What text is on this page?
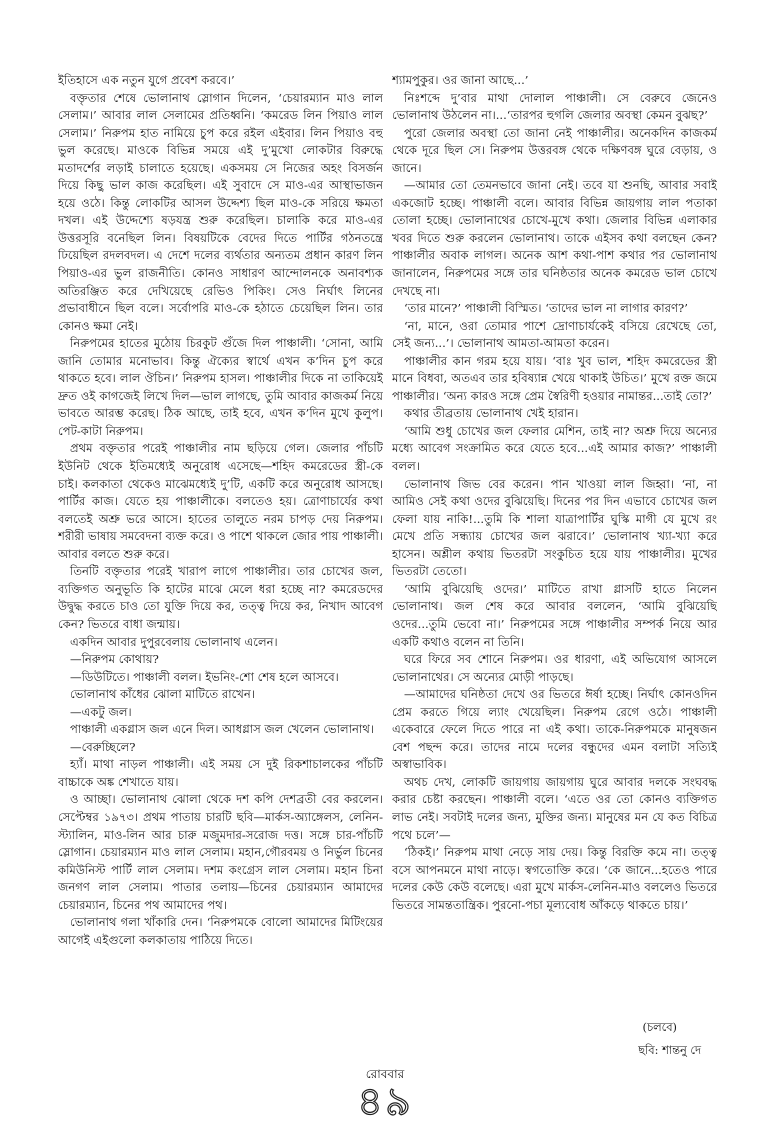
ইতিহাসে এক নতুন যুগে প্রবেশ করবে।’

বক্তৃতার শেষে ভোলানাথ স্লোগান দিলেন, ‘চেয়ারম্যান মাও লাল সেলাম।’ আবার লাল সেলামের প্রতিধ্বনি। ‘কমরেড লিন পিয়াও লাল সেলাম।’ নিরুপম হাত নামিয়ে চুপ করে রইল এইবার। লিন পিয়াও বহু ভুল করেছে। মাওকে বিভিন্ন সময়ে এই দু’মুখো লোকটার বিরুদ্ধে মতাদর্শের লড়াই চালাতে হয়েছে। একসময় সে নিজের অহং বিসর্জন দিয়ে কিছু ভাল কাজ করেছিল। এই সুবাদে সে মাও-এর আস্থাভাজন হয়ে ওঠে। কিন্তু লোকটির আসল উদ্দেশ্য ছিল মাও-কে সরিয়ে ক্ষমতা দখল। এই উদ্দেশ্যে ষড়যন্ত্র শুরু করেছিল। চালাকি করে মাও-এর উত্তরসূরি বনেছিল লিন। বিষয়টিকে বেদের দিতে পার্টির গঠনতন্ত্রে ঢিয়েছিল রদলবদল। এ দেশে দলের ব্যর্থতার অন্যতম প্রধান কারণ লিন পিয়াও-এর ভুল রাজনীতি। কোনও সাধারণ আন্দোলনকে অনাবশ্যক অতিরঞ্জিত করে দেখিয়েছে রেভিও পিকিং। সেও নির্ঘাৎ লিনের প্রভাবাধীনে ছিল বলে। সর্বোপরি মাও-কে হঠাতে চেয়েছিল লিন। তার কোনও ক্ষমা নেই।

নিরুপমের হাতের মুঠোয় চিরকুট গুঁজে দিল পাঞ্চালী। ‘সোনা, আমি জানি তোমার মনোভাব। কিন্তু ঐক্যের স্বার্থে এখন ক’দিন চুপ করে থাকতে হবে। লাল ঔচিন।’ নিরুপম হাসল। পাঞ্চালীর দিকে না তাকিয়েই দ্রুত ওই কাগজেই লিখে দিল—ভাল লাগছে, তুমি আবার কাজকর্ম নিয়ে ভাবতে আরম্ভ করেছ। ঠিক আছে, তাই হবে, এখন ক’দিন মুখে কুলুপ। পেট-কাটা নিরুপম।

প্রথম বক্তৃতার পরেই পাঞ্চালীর নাম ছড়িয়ে গেল। জেলার পাঁচটি ইউনিট থেকে ইতিমধ্যেই অনুরোধ এসেছে—শহিদ কমরেডের স্ত্রী-কে চাই। কলকাতা থেকেও মাঝেমধ্যেই দু’টি, একটি করে অনুরোধ আসছে। পার্টির কাজ। যেতে হয় পাঞ্চালীকে। বলতেও হয়। ত্রোণাচার্যের কথা বলতেই অশ্রু ভরে আসে। হাতের তালুতে নরম চাপড় দেয় নিরুপম। শরীরী ভাষায় সমবেদনা ব্যক্ত করে। ও পাশে থাকলে জোর পায় পাঞ্চালী। আবার বলতে শুরু করে।

তিনটি বক্তৃতার পরেই খারাপ লাগে পাঞ্চালীর। তার চোখের জল, ব্যক্তিগত অনুভূতি কি হাটের মাঝে মেলে ধরা হচ্ছে না? কমরেডদের উদ্বুদ্ধ করতে চাও তো যুক্তি দিয়ে কর, তত্ত্ব দিয়ে কর, নিখাদ আবেগ কেন? ভিতরে বাধা জন্মায়।

একদিন আবার দুপুরবেলায় ভোলানাথ এলেন।

—নিরুপম কোথায়?

—ডিউটিতে। পাঞ্চালী বলল। ইভনিং-শো শেষ হলে আসবে।

ভোলানাথ কাঁধের ঝোলা মাটিতে রাখেন।

—একটু জল।

পাঞ্চালী একগ্লাস জল এনে দিল। আধগ্লাস জল খেলেন ভোলানাথ।

—বেরুচ্ছিলে?

হ্যাঁ। মাথা নাড়ল পাঞ্চালী। এই সময় সে দুই রিকশাচালকের পাঁচটি বাচ্চাকে অঙ্ক শেখাতে যায়।

ও আচ্ছা। ভোলানাথ ঝোলা থেকে দশ কপি দেশব্রতী বের করলেন। সেপ্টেম্বর ১৯৭৩। প্রথম পাতায় চারটি ছবি—মার্কস-অ্যাঙ্গেলস, লেনিন-স্ট্যালিন, মাও-লিন আর চারু মজুমদার-সরোজ দত্ত। সঙ্গে চার-পাঁচটি স্লোগান। চেয়ারম্যান মাও লাল সেলাম। মহান,গৌরবময় ও নির্ভুল চিনের কমিউনিস্ট পার্টি লাল সেলাম। দশম কংগ্রেস লাল সেলাম। মহান চিনা জনগণ লাল সেলাম। পাতার তলায়—চিনের চেয়ারম্যান আমাদের চেয়ারম্যান, চিনের পথ আমাদের পথ।

ভোলানাথ গলা খাঁকারি দেন। ‘নিরুপমকে বোলো আমাদের মিটিংয়ের আগেই এইগুলো কলকাতায় পাঠিয়ে দিতে।

শ্যামপুকুর। ওর জানা আছে...’

নিঃশব্দে দু’বার মাথা দোলাল পাঞ্চালী। সে বেরুবে জেনেও ভোলানাথ উঠলেন না।...‘তারপর হুগলি জেলার অবস্থা কেমন বুঝছ?’

পুরো জেলার অবস্থা তো জানা নেই পাঞ্চালীর। অনেকদিন কাজকর্ম থেকে দূরে ছিল সে। নিরুপম উত্তরবঙ্গ থেকে দক্ষিণবঙ্গ ঘুরে বেড়ায়, ও জানে।

—আমার তো তেমনভাবে জানা নেই। তবে যা শুনছি, আবার সবাই একজোট হচ্ছে। পাঞ্চালী বলে। আবার বিভিন্ন জায়গায় লাল পতাকা তোলা হচ্ছে। ভোলানাথের চোখে-মুখে কথা। জেলার বিভিন্ন এলাকার খবর দিতে শুরু করলেন ভোলানাথ। তাকে এইসব কথা বলছেন কেন? পাঞ্চালীর অবাক লাগল। অনেক আশ কথা-পাশ কথার পর ভোলানাথ জানালেন, নিরুপমের সঙ্গে তার ঘনিষ্ঠতার অনেক কমরেড ভাল চোখে দেখছে না।

‘তার মানে?’ পাঞ্চালী বিস্মিত। ‘তাদের ভাল না লাগার কারণ?’

‘না, মানে, ওরা তোমার পাশে দ্রোণাচার্যকেই বসিয়ে রেখেছে তো, সেই জন্য...’। ভোলানাথ আমতা-আমতা করেন।

পাঞ্চালীর কান গরম হয়ে যায়। ‘বাঃ খুব ভাল, শহিদ কমরেডের স্ত্রী মানে বিধবা, অতএব তার হবিষ্যান্ন খেয়ে থাকাই উচিত।’ মুখে রক্ত জমে পাঞ্চালীর। ‘অন্য কারও সঙ্গে প্রেম স্বৈরিণী হওয়ার নামান্তর...তাই তো?’

কথার তীব্রতায় ভোলানাথ খেই হারান।

‘আমি শুধু চোখের জল ফেলার মেশিন, তাই না? অশ্রু দিয়ে অন্যের মধ্যে আবেগ সংক্রামিত করে যেতে হবে...এই আমার কাজ?’ পাঞ্চালী বলল।

ভোলানাথ জিভ বের করেন। পান খাওয়া লাল জিহ্বা। ‘না, না আমিও সেই কথা ওদের বুঝিয়েছি। দিনের পর দিন এভাবে চোখের জল ফেলা যায় নাকি!...তুমি কি শালা যাত্রাপার্টির ঘুস্কি মাগী যে মুখে রং মেখে প্রতি সন্ধ্যায় চোখের জল ঝরাবে।’ ভোলানাথ খ্যা-খ্যা করে হাসেন। অশ্লীল কথায় ভিতরটা সংকুচিত হয়ে যায় পাঞ্চালীর। মুখের ভিতরটা তেতো।

‘আমি বুঝিয়েছি ওদের।’ মাটিতে রাখা গ্লাসটি হাতে নিলেন ভোলানাথ। জল শেষ করে আবার বললেন, ‘আমি বুঝিয়েছি ওদের...তুমি ভেবো না।’ নিরুপমের সঙ্গে পাঞ্চালীর সম্পর্ক নিয়ে আর একটি কথাও বলেন না তিনি।

ঘরে ফিরে সব শোনে নিরুপম। ওর ধারণা, এই অভিযোগ আসলে ভোলানাথের। সে অন্যের মোড়ী পাড়ছে।

—আমাদের ঘনিষ্ঠতা দেখে ওর ভিতরে ঈর্ষা হচ্ছে। নির্ঘাৎ কোনওদিন প্রেম করতে গিয়ে ল্যাং খেয়েছিল। নিরুপম রেগে ওঠে। পাঞ্চালী একেবারে ফেলে দিতে পারে না এই কথা। তাকে-নিরুপমকে মানুষজন বেশ পছন্দ করে। তাদের নামে দলের বন্ধুদের এমন বলাটা সত্যিই অস্বাভাবিক।

অথচ দেখ, লোকটি জায়গায় জায়গায় ঘুরে আবার দলকে সংঘবদ্ধ করার চেষ্টা করছেন। পাঞ্চালী বলে। ‘এতে ওর তো কোনও ব্যক্তিগত লাভ নেই। সবটাই দলের জন্য, মুক্তির জন্য। মানুষের মন যে কত বিচিত্র পথে চলে’—

‘ঠিকই।’ নিরুপম মাথা নেড়ে সায় দেয়। কিন্তু বিরক্তি কমে না। তত্ত্ব বসে আপনমনে মাথা নাড়ে। স্বগতোক্তি করে। ‘কে জানে...হতেও পারে দলের কেউ কেউ বলেছে। এরা মুখে মার্কস-লেনিন-মাও বললেও ভিতরে ভিতরে সামন্ততান্ত্রিক। পুরনো-পচা মূল্যবোধ আঁকড়ে থাকতে চায়।’

(চলবে)
ছবি: শান্তনু দে
রোববার
৪৯
